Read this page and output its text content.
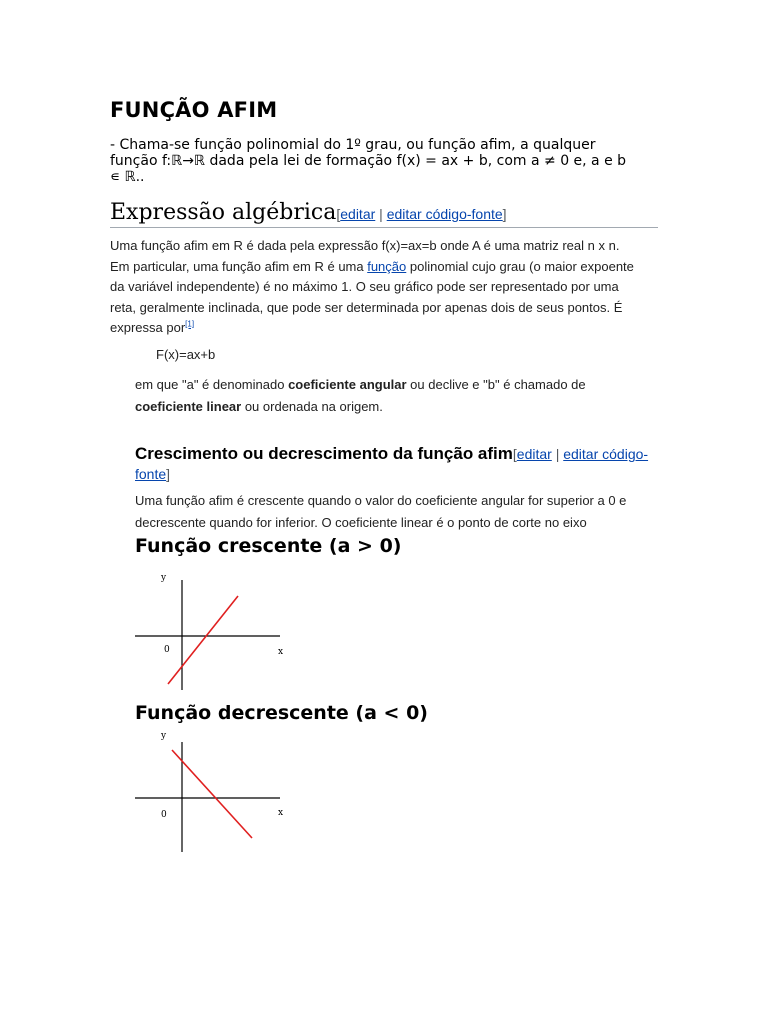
FUNÇÃO AFIM

- Chama-se função polinomial do 1º grau, ou função afim, a qualquer função f:ℝ→ℝ dada pela lei de formação f(x) = ax + b, com a ≠ 0 e, a e b ∊ ℝ..

Expressão algébrica[editar | editar código-fonte]

Uma função afim em R é dada pela expressão f(x)=ax=b onde A é uma matriz real n x n. Em particular, uma função afim em R é uma função polinomial cujo grau (o maior expoente da variável independente) é no máximo 1. O seu gráfico pode ser representado por uma reta, geralmente inclinada, que pode ser determinada por apenas dois de seus pontos. É expressa por[1]

F(x)=ax+b

em que "a" é denominado coeficiente angular ou declive e "b" é chamado de coeficiente linear ou ordenada na origem.

Crescimento ou decrescimento da função afim[editar | editar código-fonte]

Uma função afim é crescente quando o valor do coeficiente angular for superior a 0 e decrescente quando for inferior. O coeficiente linear é o ponto de corte no eixo

Função crescente (a > 0)
y
0	x
Função decrescente (a < 0)
y
0	x
